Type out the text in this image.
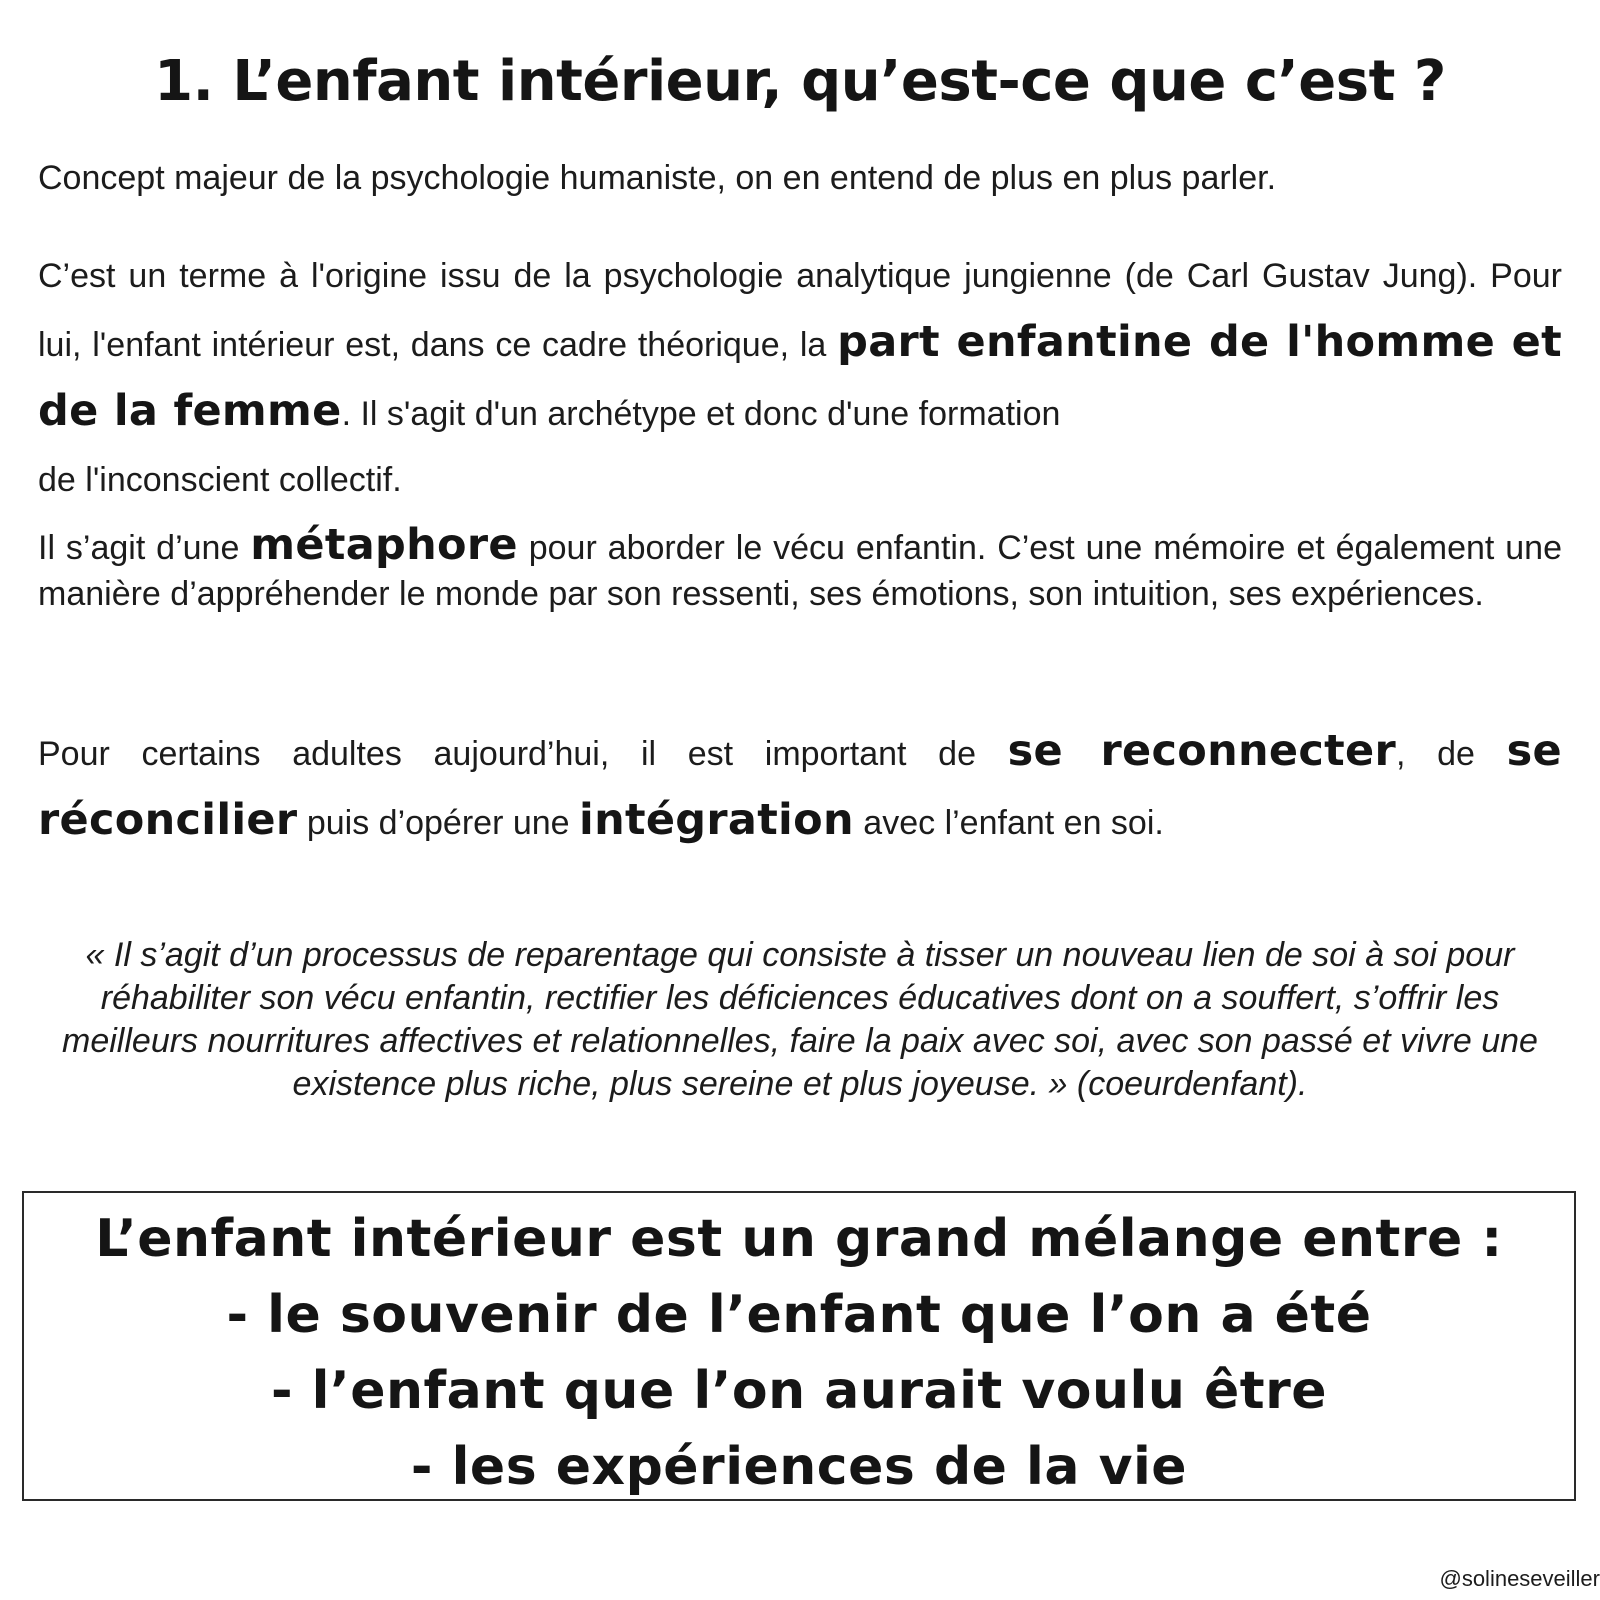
1. L’enfant intérieur, qu’est-ce que c’est ?

Concept majeur de la psychologie humaniste, on en entend de plus en plus parler.

C’est un terme à l'origine issu de la psychologie analytique jungienne (de Carl Gustav Jung). Pour lui, l'enfant intérieur est, dans ce cadre théorique, la part enfantine de l'homme et de la femme. Il s'agit d'un archétype et donc d'une formation
de l'inconscient collectif.

Il s’agit d’une métaphore pour aborder le vécu enfantin. C’est une mémoire et également une manière d’appréhender le monde par son ressenti, ses émotions, son intuition, ses expériences.

Pour certains adultes aujourd’hui, il est important de se reconnecter, de se réconcilier puis d’opérer une intégration avec l’enfant en soi.

« Il s’agit d’un processus de reparentage qui consiste à tisser un nouveau lien de soi à soi pour réhabiliter son vécu enfantin, rectifier les déficiences éducatives dont on a souffert, s’offrir les meilleurs nourritures affectives et relationnelles, faire la paix avec soi, avec son passé et vivre une existence plus riche, plus sereine et plus joyeuse. » (coeurdenfant).

L’enfant intérieur est un grand mélange entre :
- le souvenir de l’enfant que l’on a été
- l’enfant que l’on aurait voulu être
- les expériences de la vie
@solineseveiller
